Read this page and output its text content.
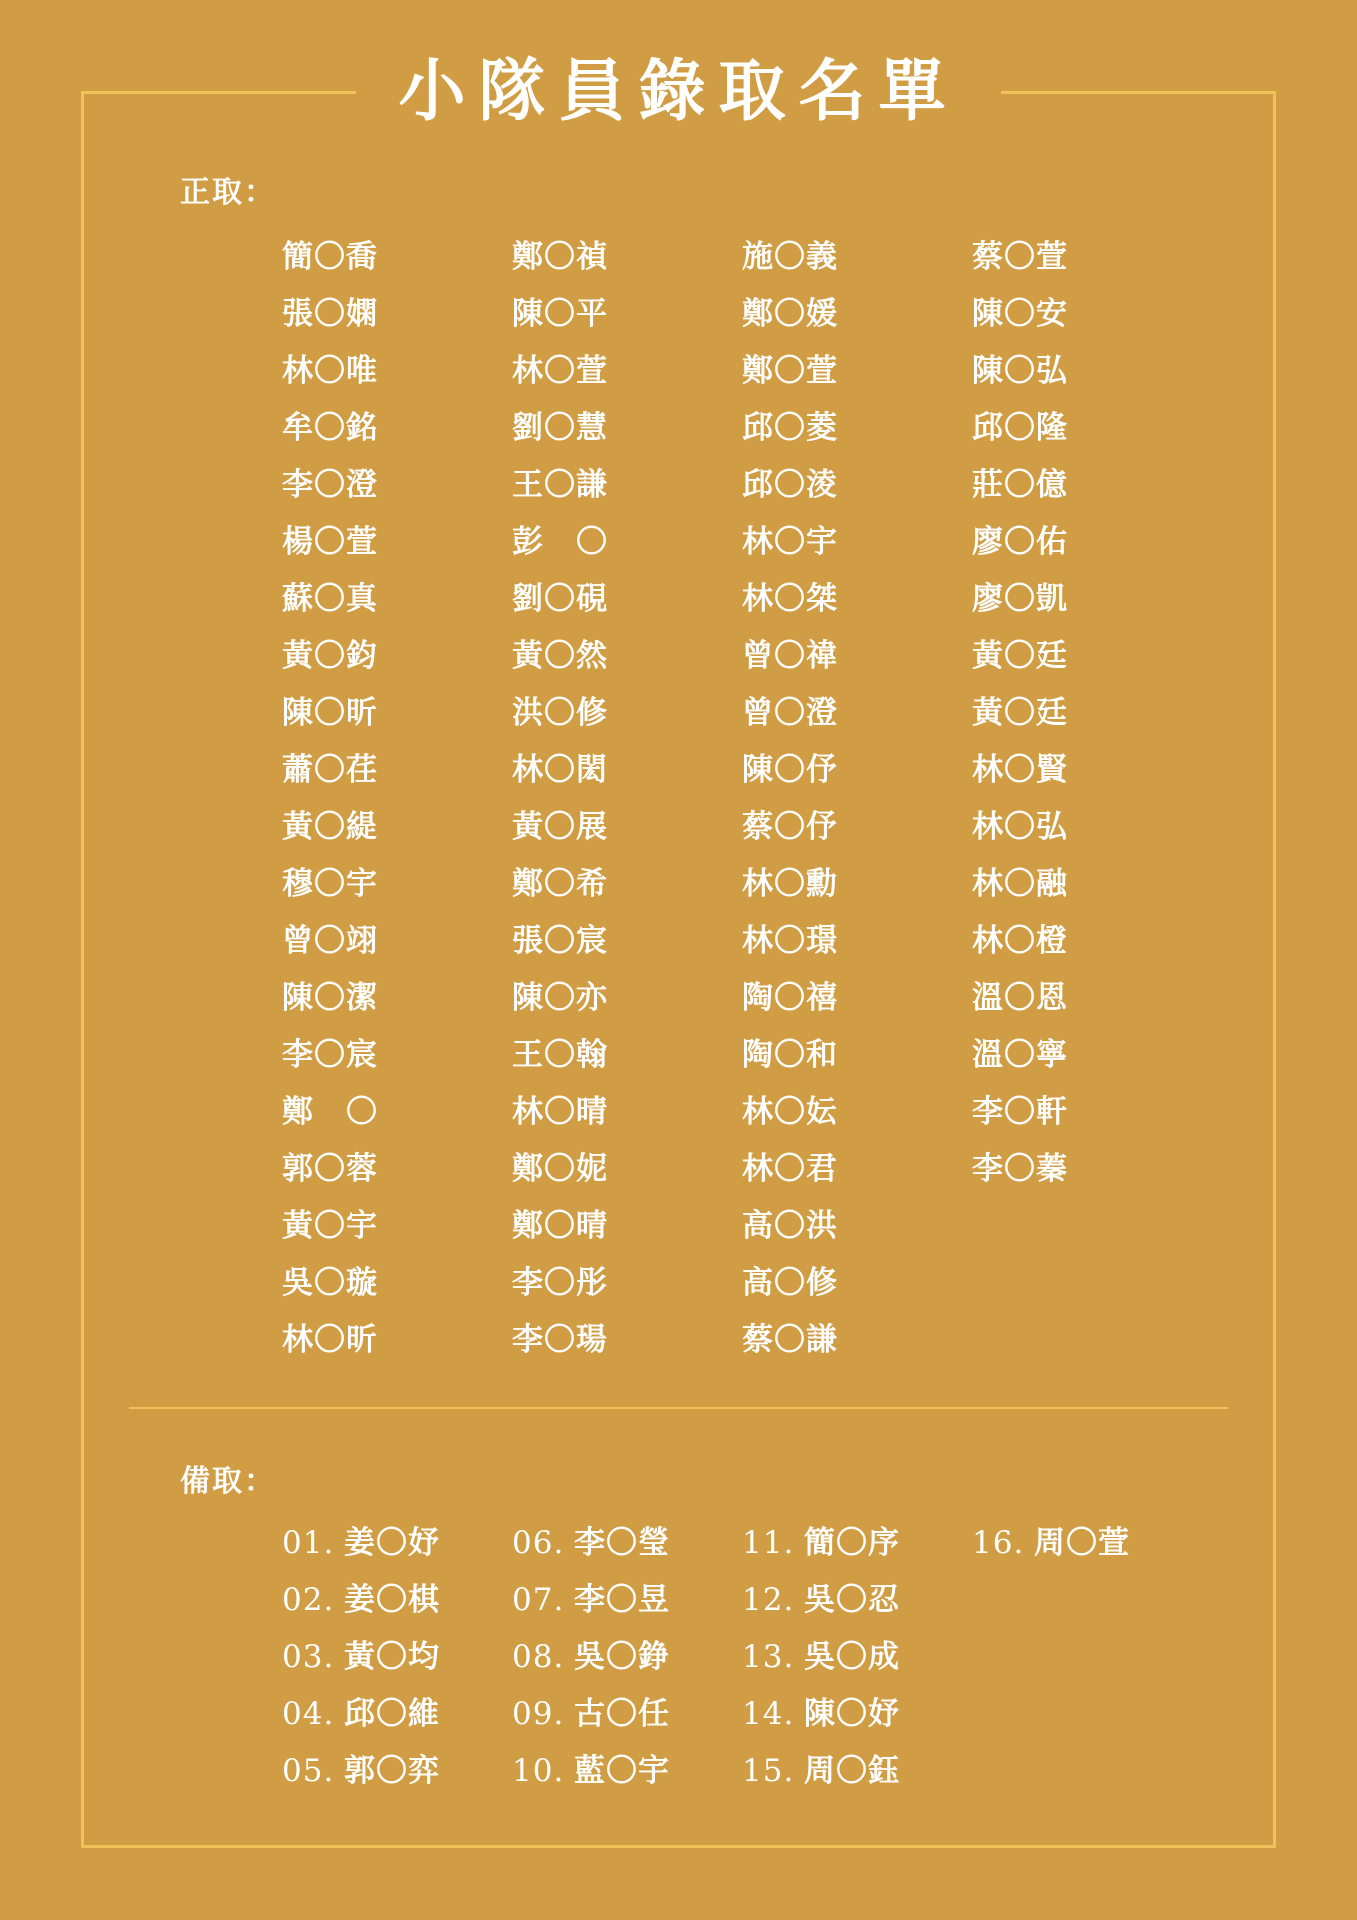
小隊員錄取名單
正取：
簡〇喬
張〇嫻
林〇唯
牟〇銘
李〇澄
楊〇萱
蘇〇真
黃〇鈞
陳〇昕
蕭〇荏
黃〇緹
穆〇宇
曾〇翊
陳〇潔
李〇宸
鄭　〇
郭〇蓉
黃〇宇
吳〇璇
林〇昕
鄭〇禎
陳〇平
林〇萱
劉〇慧
王〇謙
彭　〇
劉〇硯
黃〇然
洪〇修
林〇閎
黃〇展
鄭〇希
張〇宸
陳〇亦
王〇翰
林〇晴
鄭〇妮
鄭〇晴
李〇彤
李〇瑒
施〇義
鄭〇媛
鄭〇萱
邱〇菱
邱〇淩
林〇宇
林〇桀
曾〇禕
曾〇澄
陳〇伃
蔡〇伃
林〇勳
林〇璟
陶〇禧
陶〇和
林〇妘
林〇君
高〇洪
高〇修
蔡〇謙
蔡〇萱
陳〇安
陳〇弘
邱〇隆
莊〇億
廖〇佑
廖〇凱
黃〇廷
黃〇廷
林〇賢
林〇弘
林〇融
林〇橙
溫〇恩
溫〇寧
李〇軒
李〇蓁
備取：
01. 姜〇妤
02. 姜〇棋
03. 黃〇均
04. 邱〇維
05. 郭〇弈
06. 李〇瑩
07. 李〇昱
08. 吳〇錚
09. 古〇任
10. 藍〇宇
11. 簡〇序
12. 吳〇忍
13. 吳〇成
14. 陳〇妤
15. 周〇鈺
16. 周〇萱
